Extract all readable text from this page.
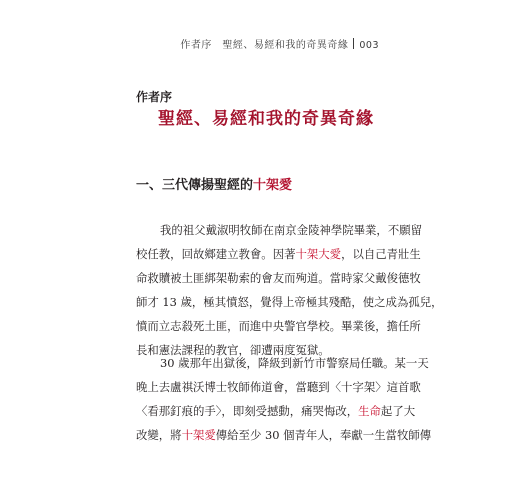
作者序　聖經、易經和我的奇異奇緣 003
作者序
聖經、易經和我的奇異奇緣
一、三代傳揚聖經的十架愛
我的祖父戴淑明牧師在南京金陵神學院畢業，不願留
校任教，回故鄉建立教會。因著十架大愛，以自己青壯生
命救贖被土匪綁架勒索的會友而殉道。當時家父戴俊德牧
師才 13 歲，極其憤怒，覺得上帝極其殘酷，使之成為孤兒，
憤而立志殺死土匪，而進中央警官學校。畢業後，擔任所
長和憲法課程的教官，卻遭兩度冤獄。
30 歲那年出獄後，降級到新竹市警察局任職。某一天
晚上去盧祺沃博士牧師佈道會，當聽到〈十字架〉這首歌
〈看那釘痕的手〉，即刻受撼動，痛哭悔改，生命起了大
改變，將十架愛傳給至少 30 個青年人，奉獻一生當牧師傳
